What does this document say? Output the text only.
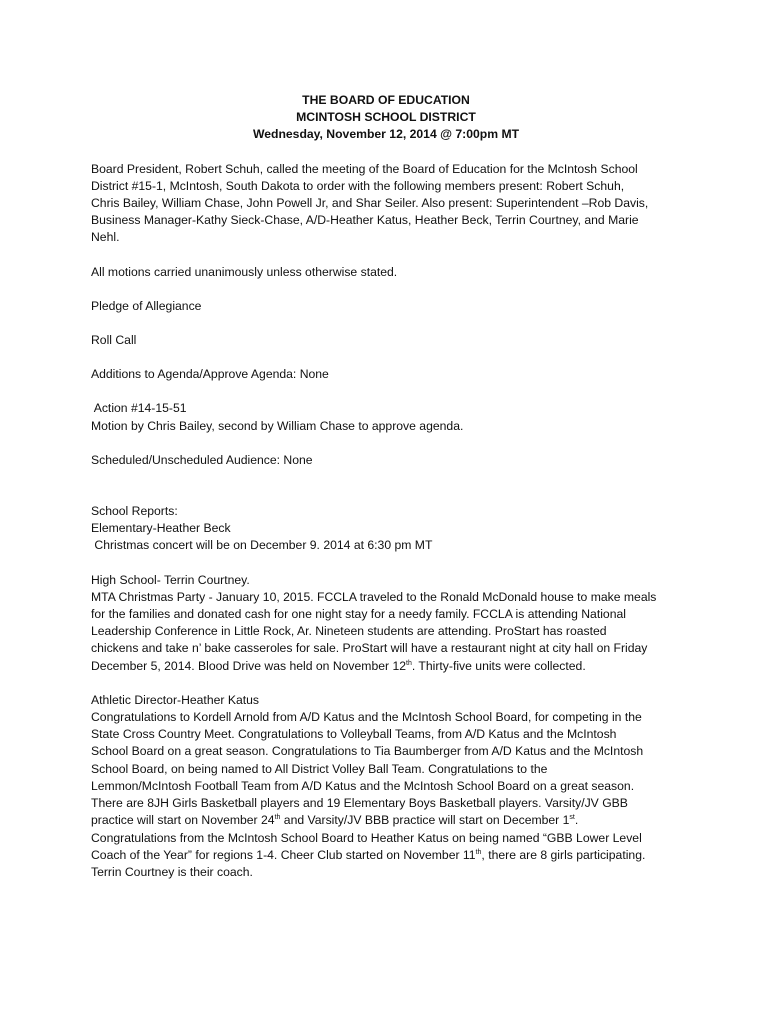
THE BOARD OF EDUCATION
MCINTOSH SCHOOL DISTRICT
Wednesday, November 12, 2014 @ 7:00pm MT

Board President, Robert Schuh, called the meeting of the Board of Education for the McIntosh School
District #15-1, McIntosh, South Dakota to order with the following members present: Robert Schuh,
Chris Bailey, William Chase, John Powell Jr, and Shar Seiler. Also present: Superintendent –Rob Davis,
Business Manager-Kathy Sieck-Chase, A/D-Heather Katus, Heather Beck, Terrin Courtney, and Marie
Nehl.

All motions carried unanimously unless otherwise stated.

Pledge of Allegiance

Roll Call

Additions to Agenda/Approve Agenda: None

Action #14-15-51
Motion by Chris Bailey, second by William Chase to approve agenda.

Scheduled/Unscheduled Audience: None

School Reports:
Elementary-Heather Beck
Christmas concert will be on December 9. 2014 at 6:30 pm MT

High School- Terrin Courtney.
MTA Christmas Party - January 10, 2015. FCCLA traveled to the Ronald McDonald house to make meals
for the families and donated cash for one night stay for a needy family. FCCLA is attending National
Leadership Conference in Little Rock, Ar. Nineteen students are attending. ProStart has roasted
chickens and take n’ bake casseroles for sale. ProStart will have a restaurant night at city hall on Friday
December 5, 2014. Blood Drive was held on November 12th. Thirty-five units were collected.

Athletic Director-Heather Katus
Congratulations to Kordell Arnold from A/D Katus and the McIntosh School Board, for competing in the
State Cross Country Meet. Congratulations to Volleyball Teams, from A/D Katus and the McIntosh
School Board on a great season. Congratulations to Tia Baumberger from A/D Katus and the McIntosh
School Board, on being named to All District Volley Ball Team. Congratulations to the
Lemmon/McIntosh Football Team from A/D Katus and the McIntosh School Board on a great season.
There are 8JH Girls Basketball players and 19 Elementary Boys Basketball players. Varsity/JV GBB
practice will start on November 24th and Varsity/JV BBB practice will start on December 1st.
Congratulations from the McIntosh School Board to Heather Katus on being named “GBB Lower Level
Coach of the Year” for regions 1-4. Cheer Club started on November 11th, there are 8 girls participating.
Terrin Courtney is their coach.
